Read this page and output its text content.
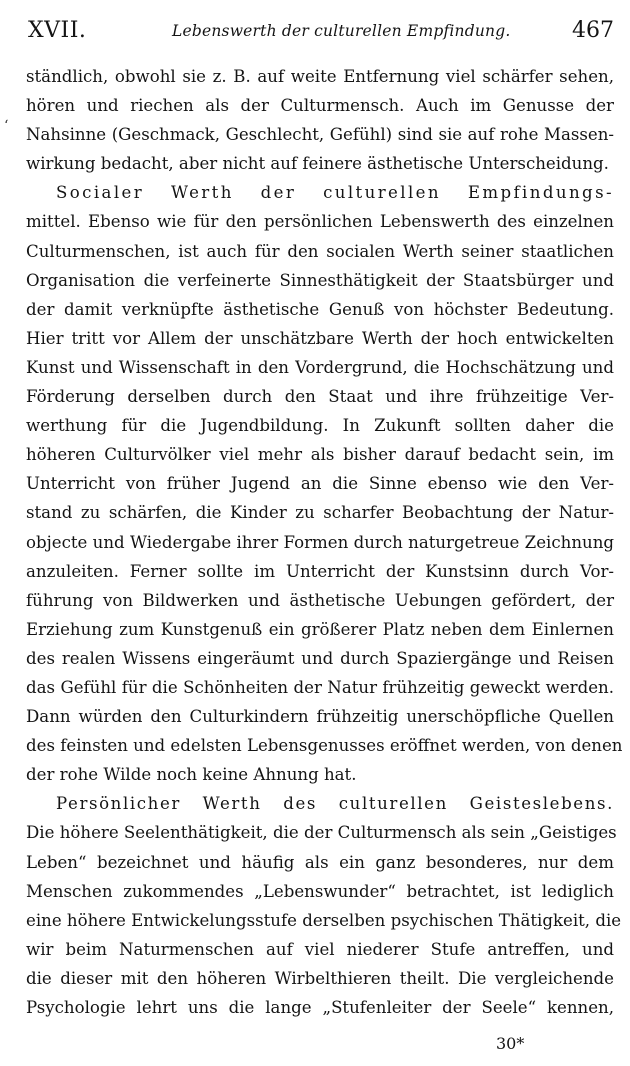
XVII.	Lebenswerth der culturellen Empfindung.	467
ʻ
ständlich, obwohl sie z. B. auf weite Entfernung viel schärfer sehen,
hören und riechen als der Culturmensch. Auch im Genusse der
Nahsinne (Geschmack, Geschlecht, Gefühl) sind sie auf rohe Massen-
wirkung bedacht, aber nicht auf feinere ästhetische Unterscheidung.
Socialer Werth der culturellen Empfindungs-
mittel. Ebenso wie für den persönlichen Lebenswerth des einzelnen
Culturmenschen, ist auch für den socialen Werth seiner staatlichen
Organisation die verfeinerte Sinnesthätigkeit der Staatsbürger und
der damit verknüpfte ästhetische Genuß von höchster Bedeutung.
Hier tritt vor Allem der unschätzbare Werth der hoch entwickelten
Kunst und Wissenschaft in den Vordergrund, die Hochschätzung und
Förderung derselben durch den Staat und ihre frühzeitige Ver-
werthung für die Jugendbildung. In Zukunft sollten daher die
höheren Culturvölker viel mehr als bisher darauf bedacht sein, im
Unterricht von früher Jugend an die Sinne ebenso wie den Ver-
stand zu schärfen, die Kinder zu scharfer Beobachtung der Natur-
objecte und Wiedergabe ihrer Formen durch naturgetreue Zeichnung
anzuleiten. Ferner sollte im Unterricht der Kunstsinn durch Vor-
führung von Bildwerken und ästhetische Uebungen gefördert, der
Erziehung zum Kunstgenuß ein größerer Platz neben dem Einlernen
des realen Wissens eingeräumt und durch Spaziergänge und Reisen
das Gefühl für die Schönheiten der Natur frühzeitig geweckt werden.
Dann würden den Culturkindern frühzeitig unerschöpfliche Quellen
des feinsten und edelsten Lebensgenusses eröffnet werden, von denen
der rohe Wilde noch keine Ahnung hat.
Persönlicher Werth des culturellen Geisteslebens.
Die höhere Seelenthätigkeit, die der Culturmensch als sein „Geistiges
Leben“ bezeichnet und häufig als ein ganz besonderes, nur dem
Menschen zukommendes „Lebenswunder“ betrachtet, ist lediglich
eine höhere Entwickelungsstufe derselben psychischen Thätigkeit, die
wir beim Naturmenschen auf viel niederer Stufe antreffen, und
die dieser mit den höheren Wirbelthieren theilt. Die vergleichende
Psychologie lehrt uns die lange „Stufenleiter der Seele“ kennen,
30*
